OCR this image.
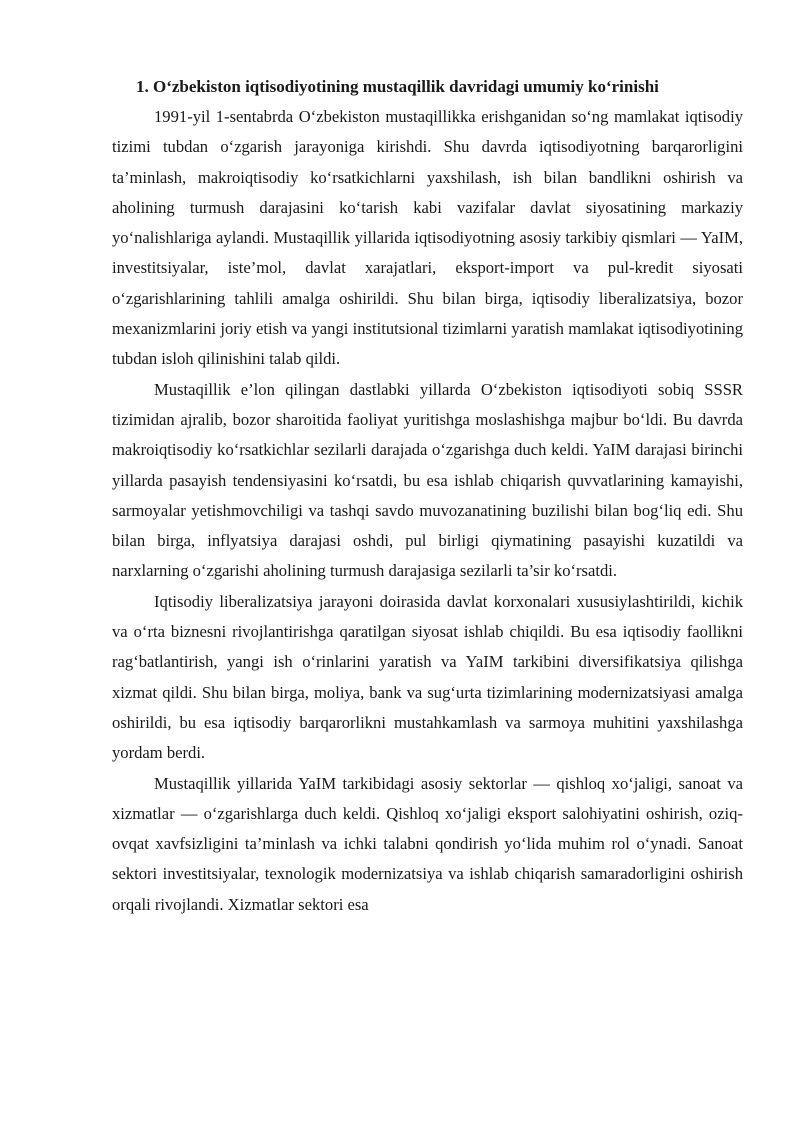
1. O‘zbekiston iqtisodiyotining mustaqillik davridagi umumiy ko‘rinishi

1991-yil 1-sentabrda O‘zbekiston mustaqillikka erishganidan so‘ng mamlakat iqtisodiy tizimi tubdan o‘zgarish jarayoniga kirishdi. Shu davrda iqtisodiyotning barqarorligini ta’minlash, makroiqtisodiy ko‘rsatkichlarni yaxshilash, ish bilan bandlikni oshirish va aholining turmush darajasini ko‘tarish kabi vazifalar davlat siyosatining markaziy yo‘nalishlariga aylandi. Mustaqillik yillarida iqtisodiyotning asosiy tarkibiy qismlari — YaIM, investitsiyalar, iste’mol, davlat xarajatlari, eksport-import va pul-kredit siyosati o‘zgarishlarining tahlili amalga oshirildi. Shu bilan birga, iqtisodiy liberalizatsiya, bozor mexanizmlarini joriy etish va yangi institutsional tizimlarni yaratish mamlakat iqtisodiyotining tubdan isloh qilinishini talab qildi.

Mustaqillik e’lon qilingan dastlabki yillarda O‘zbekiston iqtisodiyoti sobiq SSSR tizimidan ajralib, bozor sharoitida faoliyat yuritishga moslashishga majbur bo‘ldi. Bu davrda makroiqtisodiy ko‘rsatkichlar sezilarli darajada o‘zgarishga duch keldi. YaIM darajasi birinchi yillarda pasayish tendensiyasini ko‘rsatdi, bu esa ishlab chiqarish quvvatlarining kamayishi, sarmoyalar yetishmovchiligi va tashqi savdo muvozanatining buzilishi bilan bog‘liq edi. Shu bilan birga, inflyatsiya darajasi oshdi, pul birligi qiymatining pasayishi kuzatildi va narxlarning o‘zgarishi aholining turmush darajasiga sezilarli ta’sir ko‘rsatdi.

Iqtisodiy liberalizatsiya jarayoni doirasida davlat korxonalari xususiylashtirildi, kichik va o‘rta biznesni rivojlantirishga qaratilgan siyosat ishlab chiqildi. Bu esa iqtisodiy faollikni rag‘batlantirish, yangi ish o‘rinlarini yaratish va YaIM tarkibini diversifikatsiya qilishga xizmat qildi. Shu bilan birga, moliya, bank va sug‘urta tizimlarining modernizatsiyasi amalga oshirildi, bu esa iqtisodiy barqarorlikni mustahkamlash va sarmoya muhitini yaxshilashga yordam berdi.

Mustaqillik yillarida YaIM tarkibidagi asosiy sektorlar — qishloq xo‘jaligi, sanoat va xizmatlar — o‘zgarishlarga duch keldi. Qishloq xo‘jaligi eksport salohiyatini oshirish, oziq-ovqat xavfsizligini ta’minlash va ichki talabni qondirish yo‘lida muhim rol o‘ynadi. Sanoat sektori investitsiyalar, texnologik modernizatsiya va ishlab chiqarish samaradorligini oshirish orqali rivojlandi. Xizmatlar sektori esa
